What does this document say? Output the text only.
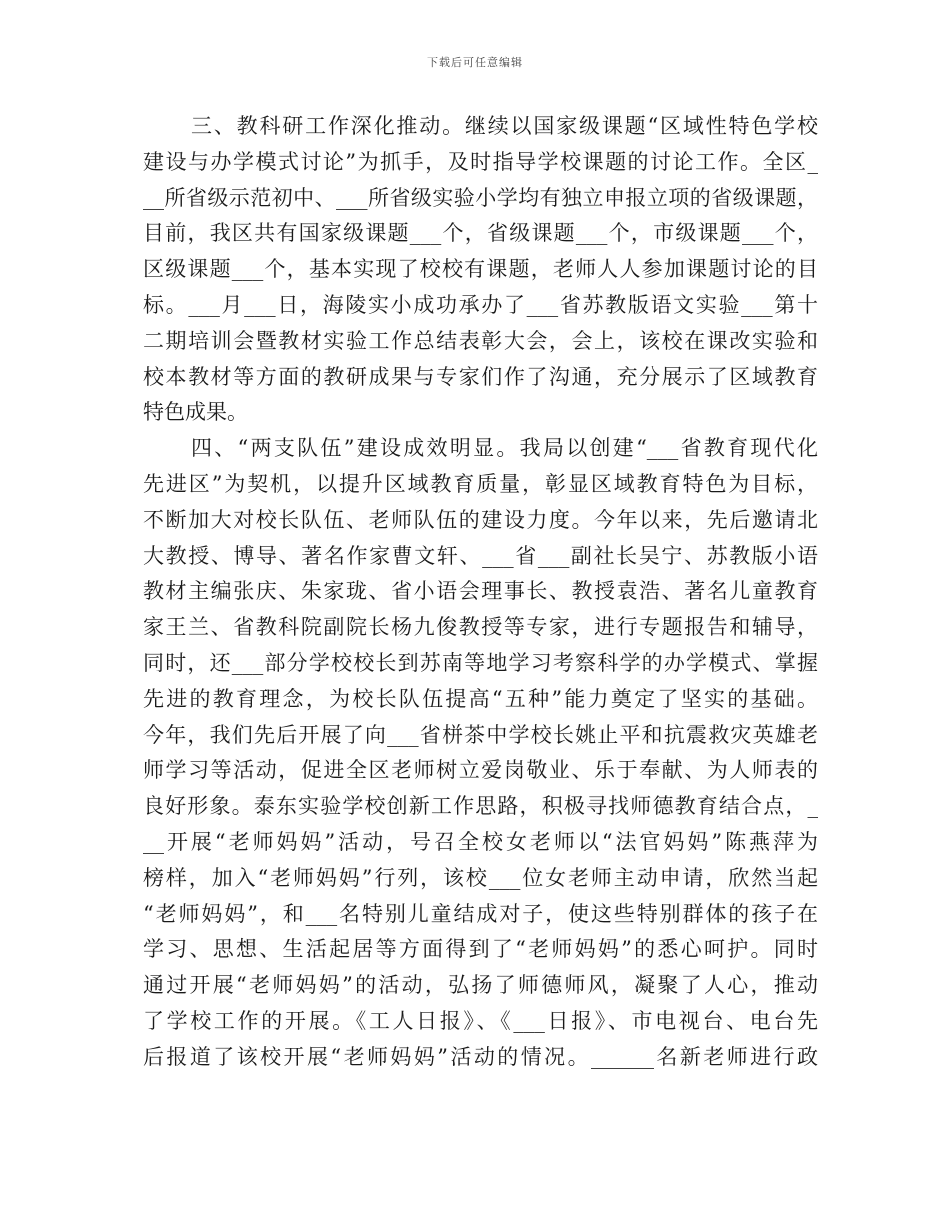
下载后可任意编辑
三、教科研工作深化推动。继续以国家级课题“区域性特色学校
建设与办学模式讨论”为抓手，及时指导学校课题的讨论工作。全区_
__所省级示范初中、___所省级实验小学均有独立申报立项的省级课题，
目前，我区共有国家级课题___个，省级课题___个，市级课题___个，
区级课题___个，基本实现了校校有课题，老师人人参加课题讨论的目
标。___月___日，海陵实小成功承办了___省苏教版语文实验___第十
二期培训会暨教材实验工作总结表彰大会，会上，该校在课改实验和
校本教材等方面的教研成果与专家们作了沟通，充分展示了区域教育
特色成果。
四、“两支队伍”建设成效明显。我局以创建“___省教育现代化
先进区”为契机，以提升区域教育质量，彰显区域教育特色为目标，
不断加大对校长队伍、老师队伍的建设力度。今年以来，先后邀请北
大教授、博导、著名作家曹文轩、___省___副社长吴宁、苏教版小语
教材主编张庆、朱家珑、省小语会理事长、教授袁浩、著名儿童教育
家王兰、省教科院副院长杨九俊教授等专家，进行专题报告和辅导，
同时，还___部分学校校长到苏南等地学习考察科学的办学模式、掌握
先进的教育理念，为校长队伍提高“五种”能力奠定了坚实的基础。
今年，我们先后开展了向___省栟茶中学校长姚止平和抗震救灾英雄老
师学习等活动，促进全区老师树立爱岗敬业、乐于奉献、为人师表的
良好形象。泰东实验学校创新工作思路，积极寻找师德教育结合点，_
__开展“老师妈妈”活动，号召全校女老师以“法官妈妈”陈燕萍为
榜样，加入“老师妈妈”行列，该校___位女老师主动申请，欣然当起
“老师妈妈”，和___名特别儿童结成对子，使这些特别群体的孩子在
学习、思想、生活起居等方面得到了“老师妈妈”的悉心呵护。同时
通过开展“老师妈妈”的活动，弘扬了师德师风，凝聚了人心，推动
了学校工作的开展。《工人日报》、《___日报》、市电视台、电台先
后报道了该校开展“老师妈妈”活动的情况。______名新老师进行政
